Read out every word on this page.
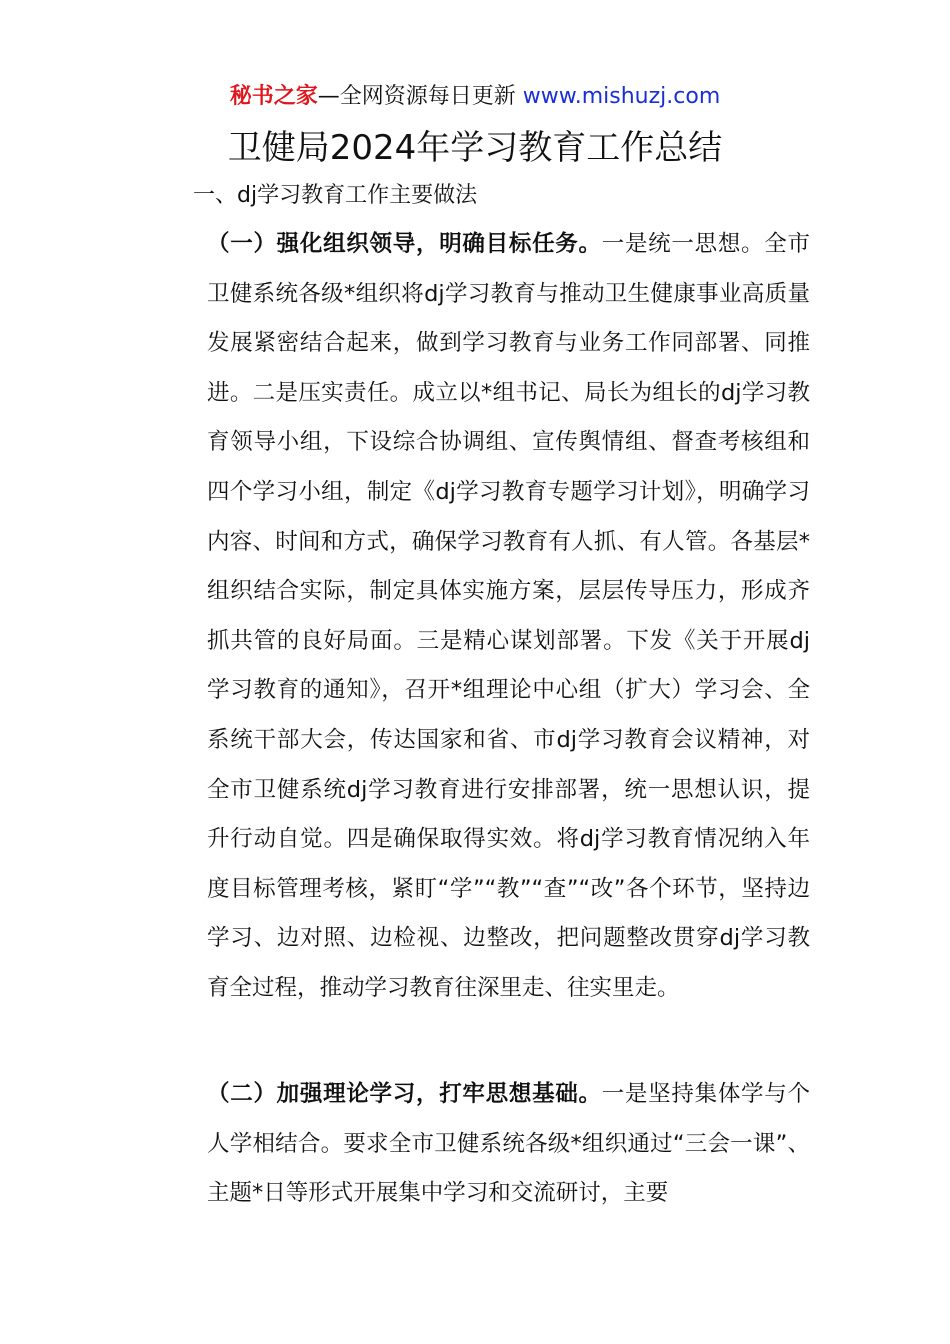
秘书之家—全网资源每日更新 www.mishuzj.com
卫健局2024年学习教育工作总结
一、dj学习教育工作主要做法

（一）强化组织领导，明确目标任务。一是统一思想。全市卫健系统各级*组织将dj学习教育与推动卫生健康事业高质量发展紧密结合起来，做到学习教育与业务工作同部署、同推进。二是压实责任。成立以*组书记、局长为组长的dj学习教育领导小组，下设综合协调组、宣传舆情组、督查考核组和四个学习小组，制定《dj学习教育专题学习计划》，明确学习内容、时间和方式，确保学习教育有人抓、有人管。各基层*组织结合实际，制定具体实施方案，层层传导压力，形成齐抓共管的良好局面。三是精心谋划部署。下发《关于开展dj学习教育的通知》，召开*组理论中心组（扩大）学习会、全系统干部大会，传达国家和省、市dj学习教育会议精神，对全市卫健系统dj学习教育进行安排部署，统一思想认识，提升行动自觉。四是确保取得实效。将dj学习教育情况纳入年度目标管理考核，紧盯“学”“教”“查”“改”各个环节，坚持边学习、边对照、边检视、边整改，把问题整改贯穿dj学习教育全过程，推动学习教育往深里走、往实里走。

（二）加强理论学习，打牢思想基础。一是坚持集体学与个人学相结合。要求全市卫健系统各级*组织通过“三会一课”、主题*日等形式开展集中学习和交流研讨，主要
